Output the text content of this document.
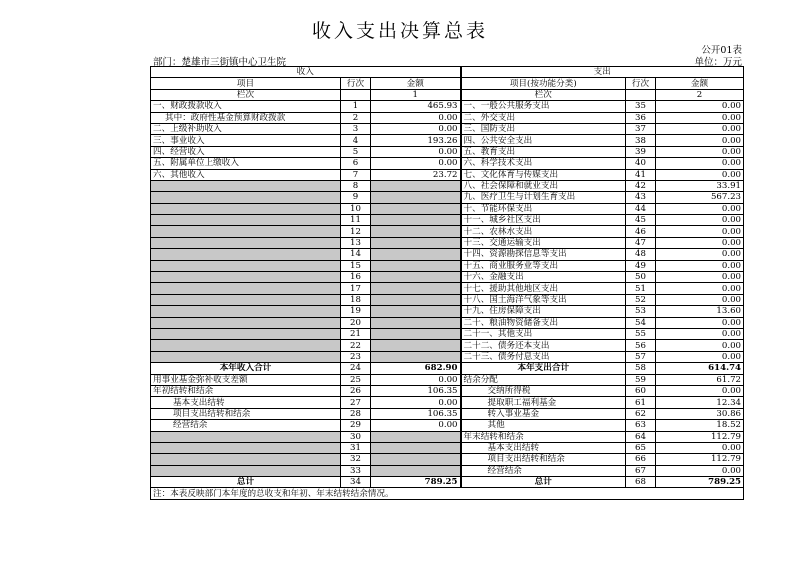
收入支出决算总表
公开01表
部门：楚雄市三街镇中心卫生院	单位：万元
收入			支出		
项目	行次	金额	项目(按功能分类)	行次	金额
栏次		1	栏次		2
一、财政拨款收入	1	465.93	一、一般公共服务支出	35	0.00
其中：政府性基金预算财政拨款	2	0.00	二、外交支出	36	0.00
二、上级补助收入	3	0.00	三、国防支出	37	0.00
三、事业收入	4	193.26	四、公共安全支出	38	0.00
四、经营收入	5	0.00	五、教育支出	39	0.00
五、附属单位上缴收入	6	0.00	六、科学技术支出	40	0.00
六、其他收入	7	23.72	七、文化体育与传媒支出	41	0.00
	8		八、社会保障和就业支出	42	33.91
	9		九、医疗卫生与计划生育支出	43	567.23
	10		十、节能环保支出	44	0.00
	11		十一、城乡社区支出	45	0.00
	12		十二、农林水支出	46	0.00
	13		十三、交通运输支出	47	0.00
	14		十四、资源勘探信息等支出	48	0.00
	15		十五、商业服务业等支出	49	0.00
	16		十六、金融支出	50	0.00
	17		十七、援助其他地区支出	51	0.00
	18		十八、国土海洋气象等支出	52	0.00
	19		十九、住房保障支出	53	13.60
	20		二十、粮油物资储备支出	54	0.00
	21		二十一、其他支出	55	0.00
	22		二十二、债务还本支出	56	0.00
	23		二十三、债务付息支出	57	0.00
本年收入合计	24	682.90	本年支出合计	58	614.74
用事业基金弥补收支差额	25	0.00	结余分配	59	61.72
年初结转和结余	26	106.35	交纳所得税	60	0.00
基本支出结转	27	0.00	提取职工福利基金	61	12.34
项目支出结转和结余	28	106.35	转入事业基金	62	30.86
经营结余	29	0.00	其他	63	18.52
	30		年末结转和结余	64	112.79
	31		基本支出结转	65	0.00
	32		项目支出结转和结余	66	112.79
	33		经营结余	67	0.00
总计	34	789.25	总计	68	789.25
注：本表反映部门本年度的总收支和年初、年末结转结余情况。					
